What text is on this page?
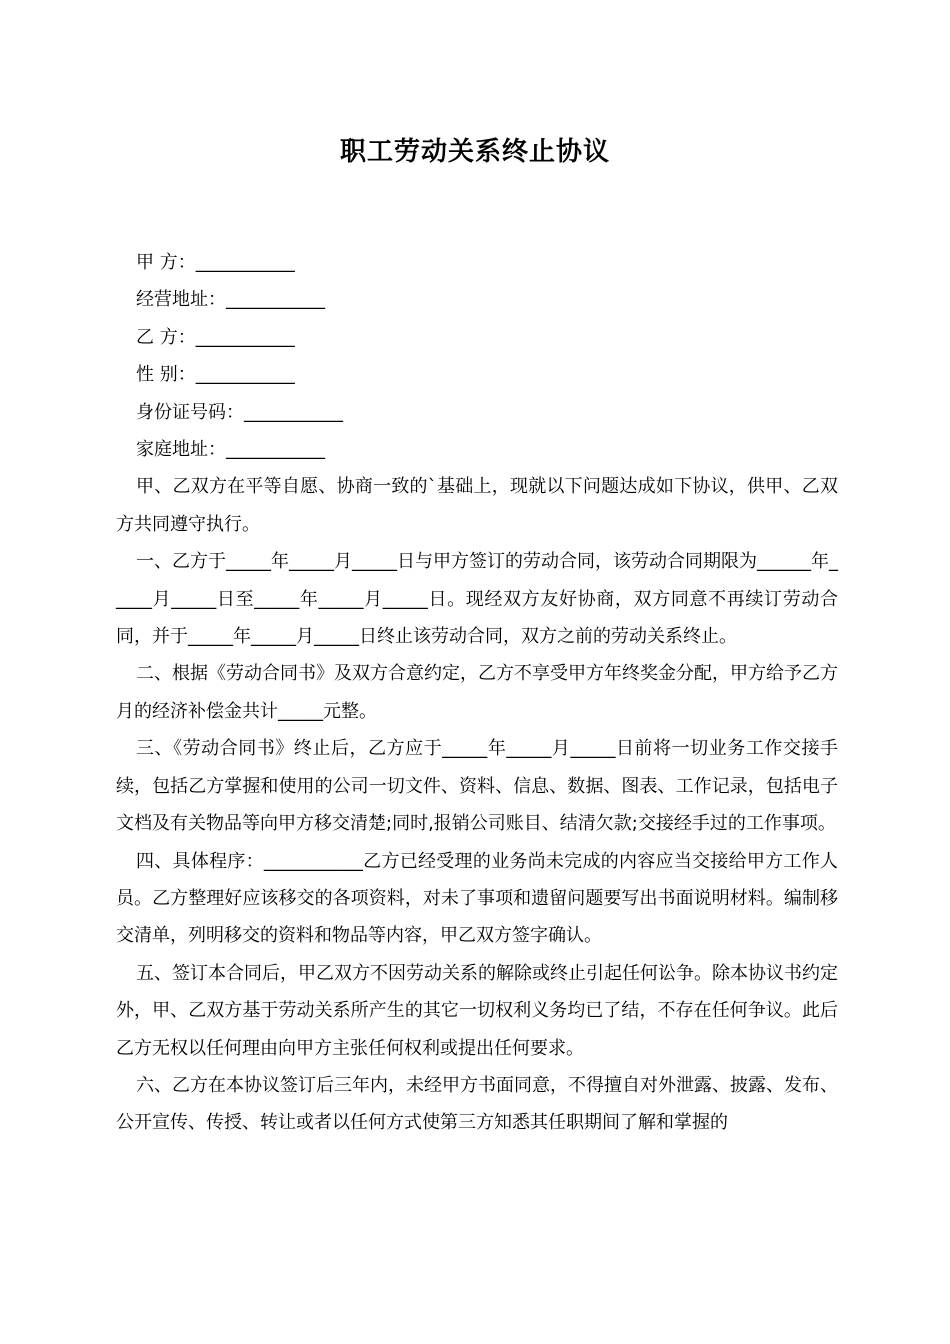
职工劳动关系终止协议
甲 方：___________
经营地址：___________
乙 方：___________
性 别：___________
身份证号码：___________
家庭地址：___________
甲、乙双方在平等自愿、协商一致的`基础上，现就以下问题达成如下协议，供甲、乙双方共同遵守执行。
一、乙方于_____年_____月_____日与甲方签订的劳动合同，该劳动合同期限为______年_____月_____日至_____年_____月_____日。现经双方友好协商，双方同意不再续订劳动合同，并于_____年_____月_____日终止该劳动合同，双方之前的劳动关系终止。
二、根据《劳动合同书》及双方合意约定，乙方不享受甲方年终奖金分配，甲方给予乙方 月的经济补偿金共计_____元整。
三、《劳动合同书》终止后，乙方应于_____年_____月_____日前将一切业务工作交接手续，包括乙方掌握和使用的公司一切文件、资料、信息、数据、图表、工作记录，包括电子文档及有关物品等向甲方移交清楚;同时,报销公司账目、结清欠款;交接经手过的工作事项。
四、具体程序：___________乙方已经受理的业务尚未完成的内容应当交接给甲方工作人员。乙方整理好应该移交的各项资料，对未了事项和遗留问题要写出书面说明材料。编制移交清单，列明移交的资料和物品等内容，甲乙双方签字确认。
五、签订本合同后，甲乙双方不因劳动关系的解除或终止引起任何讼争。除本协议书约定外，甲、乙双方基于劳动关系所产生的其它一切权利义务均已了结，不存在任何争议。此后乙方无权以任何理由向甲方主张任何权利或提出任何要求。
六、乙方在本协议签订后三年内，未经甲方书面同意，不得擅自对外泄露、披露、发布、公开宣传、传授、转让或者以任何方式使第三方知悉其任职期间了解和掌握的
